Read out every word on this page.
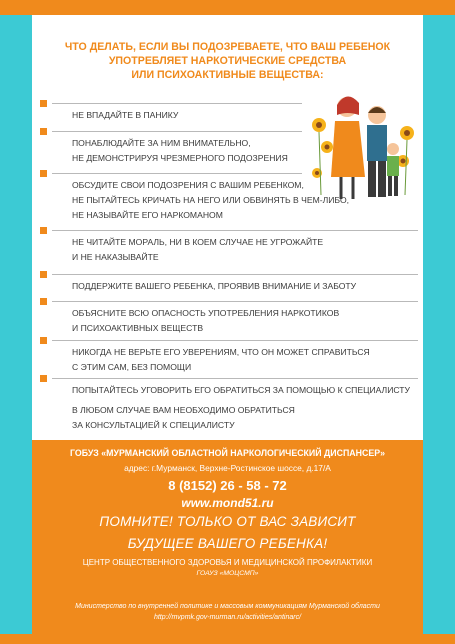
ЧТО ДЕЛАТЬ, ЕСЛИ ВЫ ПОДОЗРЕВАЕТЕ, ЧТО ВАШ РЕБЕНОК
УПОТРЕБЛЯЕТ НАРКОТИЧЕСКИЕ СРЕДСТВА
ИЛИ ПСИХОАКТИВНЫЕ ВЕЩЕСТВА:
НЕ ВПАДАЙТЕ В ПАНИКУ
ПОНАБЛЮДАЙТЕ ЗА НИМ ВНИМАТЕЛЬНО,
НЕ ДЕМОНСТРИРУЯ ЧРЕЗМЕРНОГО ПОДОЗРЕНИЯ
ОБСУДИТЕ СВОИ ПОДОЗРЕНИЯ С ВАШИМ РЕБЕНКОМ,
НЕ ПЫТАЙТЕСЬ КРИЧАТЬ НА НЕГО ИЛИ ОБВИНЯТЬ В ЧЕМ-ЛИБО,
НЕ НАЗЫВАЙТЕ ЕГО НАРКОМАНОМ
НЕ ЧИТАЙТЕ МОРАЛЬ, НИ В КОЕМ СЛУЧАЕ НЕ УГРОЖАЙТЕ
И НЕ НАКАЗЫВАЙТЕ
ПОДДЕРЖИТЕ ВАШЕГО РЕБЕНКА, ПРОЯВИВ ВНИМАНИЕ И ЗАБОТУ
ОБЪЯСНИТЕ ВСЮ ОПАСНОСТЬ УПОТРЕБЛЕНИЯ НАРКОТИКОВ
И ПСИХОАКТИВНЫХ ВЕЩЕСТВ
НИКОГДА НЕ ВЕРЬТЕ ЕГО УВЕРЕНИЯМ, ЧТО ОН МОЖЕТ СПРАВИТЬСЯ
С ЭТИМ САМ, БЕЗ ПОМОЩИ
ПОПЫТАЙТЕСЬ УГОВОРИТЬ ЕГО ОБРАТИТЬСЯ ЗА ПОМОЩЬЮ К СПЕЦИАЛИСТУ
В ЛЮБОМ СЛУЧАЕ ВАМ НЕОБХОДИМО ОБРАТИТЬСЯ
ЗА КОНСУЛЬТАЦИЕЙ К СПЕЦИАЛИСТУ
ГОБУЗ «МУРМАНСКИЙ ОБЛАСТНОЙ НАРКОЛОГИЧЕСКИЙ ДИСПАНСЕР»
адрес: г.Мурманск, Верхне-Ростинское шоссе, д.17/А
8 (8152) 26 - 58 - 72
www.mond51.ru
ПОМНИТЕ! ТОЛЬКО ОТ ВАС ЗАВИСИТ
БУДУЩЕЕ ВАШЕГО РЕБЕНКА!
ЦЕНТР ОБЩЕСТВЕННОГО ЗДОРОВЬЯ И МЕДИЦИНСКОЙ ПРОФИЛАКТИКИ
ГОАУЗ «МОЦСМП»
Министерство по внутренней политике и массовым коммуникациям Мурманской области
http://mvpmk.gov-murman.ru/activities/antinarc/
